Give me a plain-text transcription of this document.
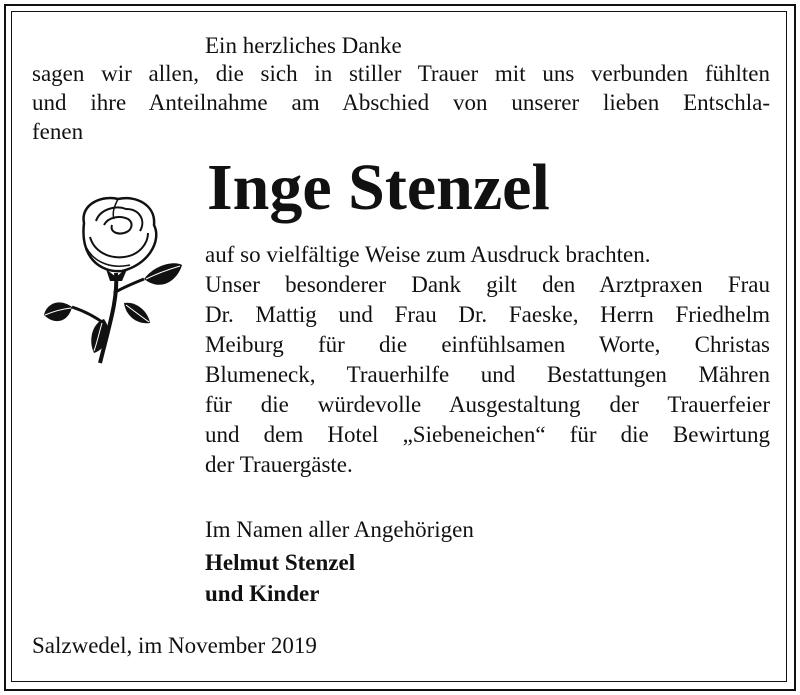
Ein herzliches Danke
sagen wir allen, die sich in stiller Trauer mit uns verbunden fühlten
und ihre Anteilnahme am Abschied von unserer lieben Entschla-
fenen
Inge Stenzel
auf so vielfältige Weise zum Ausdruck brachten.
Unser besonderer Dank gilt den Arztpraxen Frau
Dr. Mattig und Frau Dr. Faeske, Herrn Friedhelm
Meiburg für die einfühlsamen Worte, Christas
Blumeneck, Trauerhilfe und Bestattungen Mähren
für die würdevolle Ausgestaltung der Trauerfeier
und dem Hotel „Siebeneichen“ für die Bewirtung
der Trauergäste.
Im Namen aller Angehörigen
Helmut Stenzel
und Kinder
Salzwedel, im November 2019
